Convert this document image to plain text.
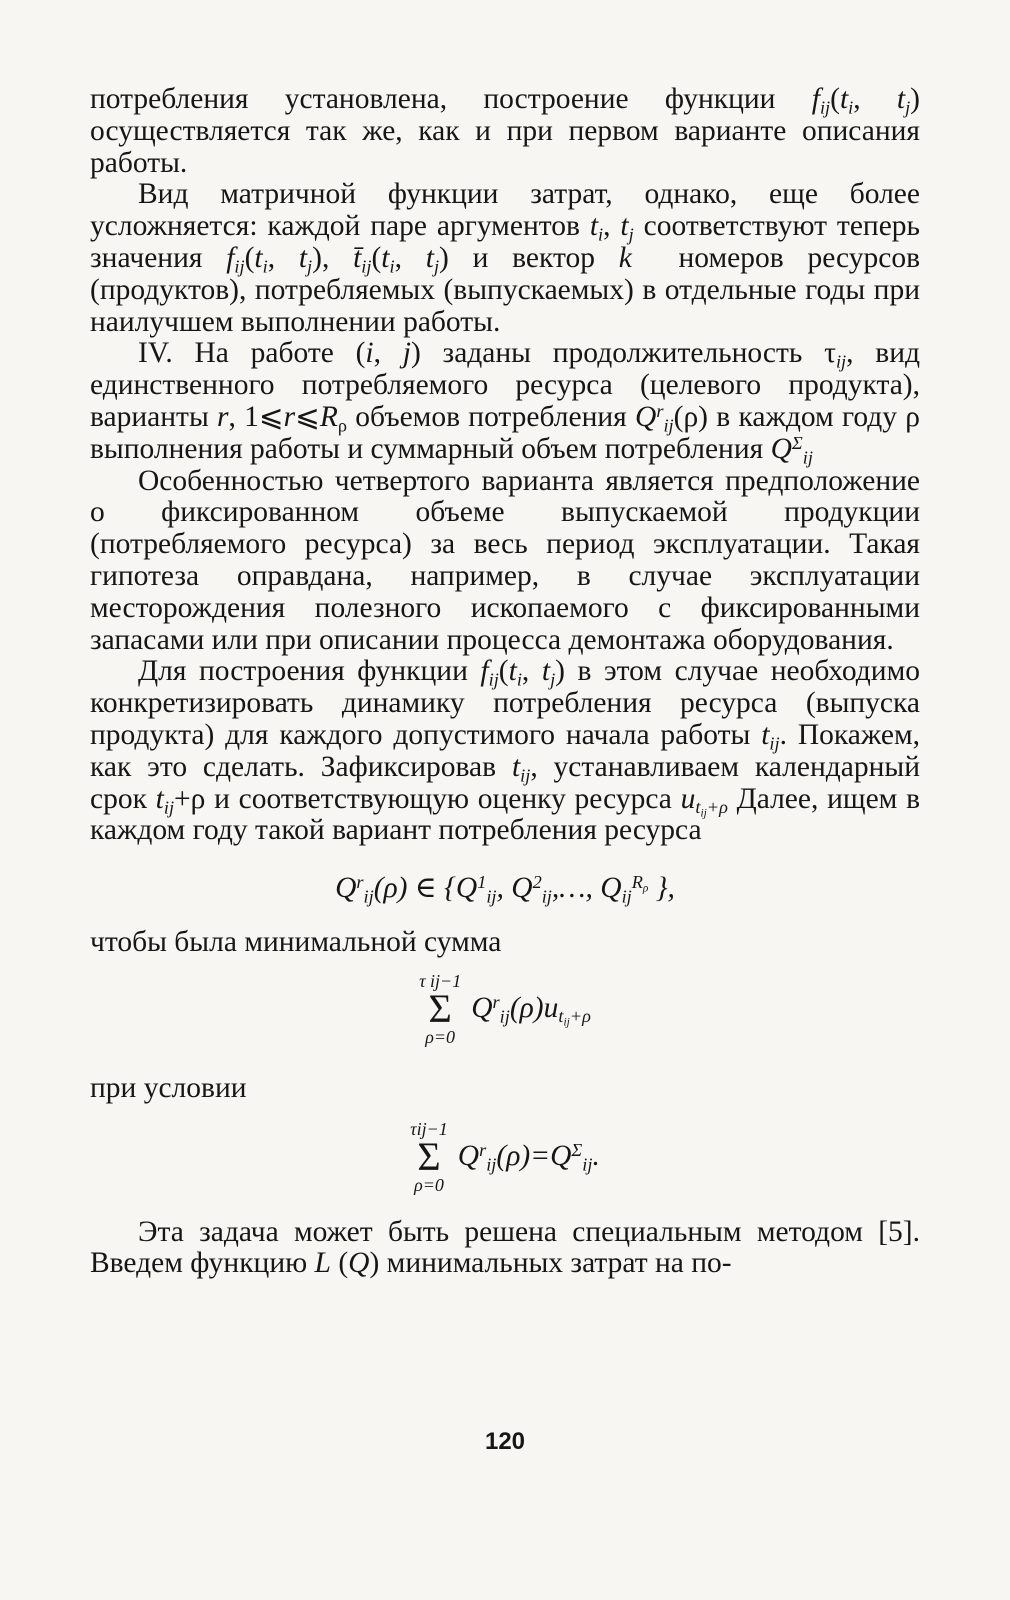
потребления установлена, построение функции $f_{ij}(t_i$, $t_j$) осуществляется так же, как и при первом варианте описания работы.

Вид матричной функции затрат, однако, еще более усложняется: каждой паре аргументов $t_i$, $t_j$ соответствуют теперь значения $f_{ij}(t_i$, $t_j$), $t̄_{ij}(t_i$, $t_j$) и вектор k⃗ номеров ресурсов (продуктов), потребляемых (выпускаемых) в отдельные годы при наилучшем выполнении работы.

IV. На работе (i, j) заданы продолжительность $\tau_{ij}$, вид единственного потребляемого ресурса (целевого продукта), варианты r, $1⩽r⩽R_\rho$ объемов потребления $Q^r_{ij}(\rho)$ в каждом году ρ выполнения работы и суммарный объем потребления $Q^\Sigma_{ij}$

Особенностью четвертого варианта является предположение о фиксированном объеме выпускаемой продукции (потребляемого ресурса) за весь период эксплуатации. Такая гипотеза оправдана, например, в случае эксплуатации месторождения полезного ископаемого с фиксированными запасами или при описании процесса демонтажа оборудования.

Для построения функции $f_{ij}(t_i$, $t_j$) в этом случае необходимо конкретизировать динамику потребления ресурса (выпуска продукта) для каждого допустимого начала работы $t_{ij}$. Покажем, как это сделать. Зафиксировав $t_{ij}$, устанавливаем календарный срок $t_{ij}+\rho$ и соответствующую оценку ресурса $u_{t_{ij}+\rho}$ Далее, ищем в каждом году такой вариант потребления ресурса

$Q^r_{ij}(\rho)$ ∈ {$Q^1_{ij}$, $Q^2_{ij},\dots$, $Q_{ij}^{R_\rho}$ },

чтобы была минимальной сумма

τ ij−1
Σ
ρ=0
$Q^r_{ij}(\rho)u_{t_{ij}+\rho}$

при условии

τij−1
Σ
ρ=0
$Q^r_{ij}(\rho)=Q^\Sigma_{ij}$.

Эта задача может быть решена специальным методом [5]. Введем функцию L (Q) минимальных затрат на по-

120
